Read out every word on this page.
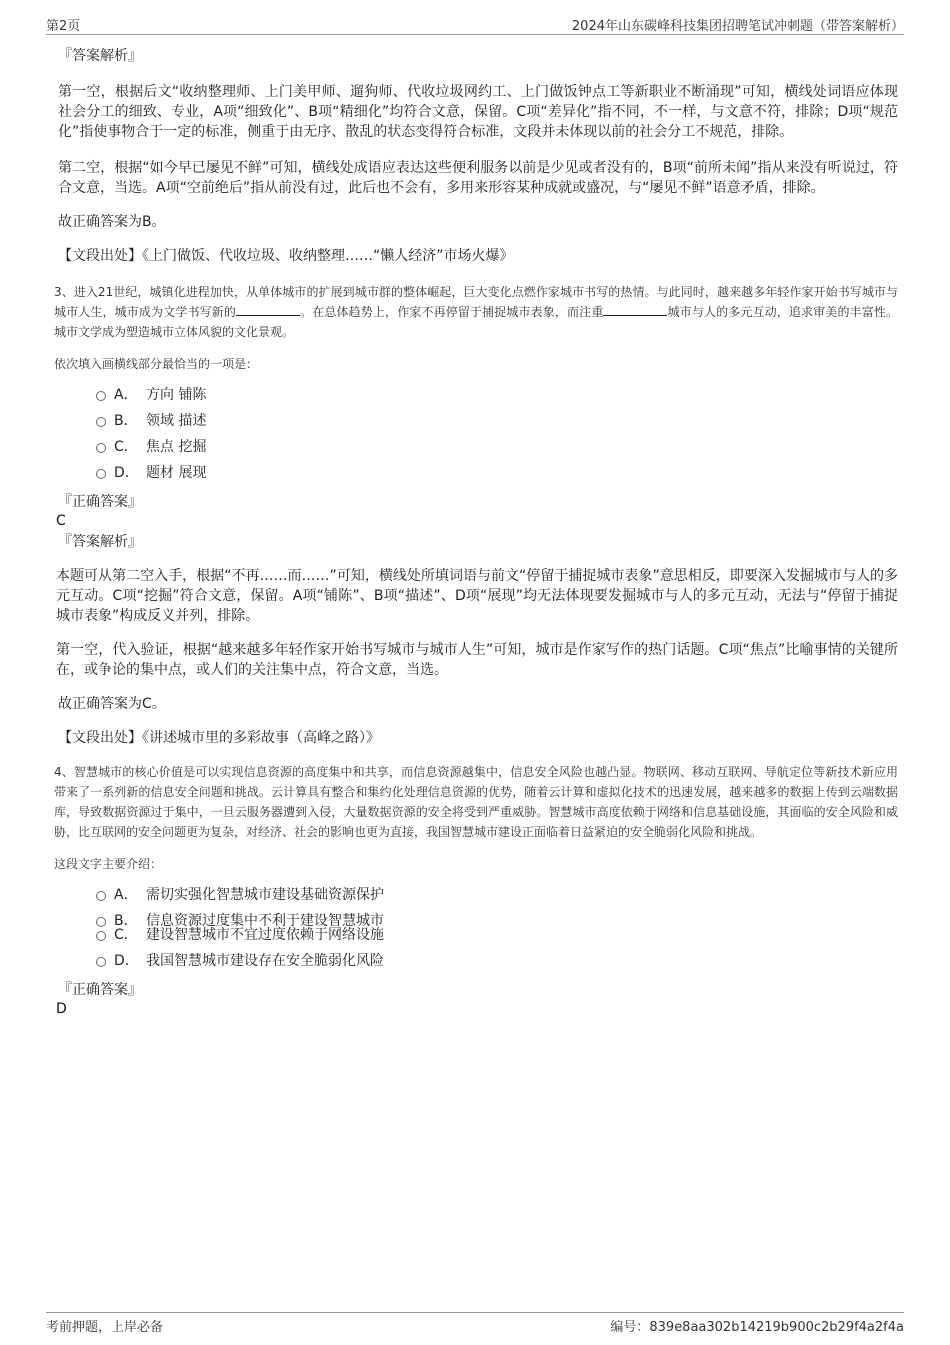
第2页	2024年山东碳峰科技集团招聘笔试冲刺题（带答案解析）

『答案解析』

第一空，根据后文“收纳整理师、上门美甲师、遛狗师、代收垃圾网约工、上门做饭钟点工等新职业不断涌现”可知，横线处词语应体现社会分工的细致、专业，A项“细致化”、B项“精细化”均符合文意，保留。C项“差异化”指不同，不一样，与文意不符，排除；D项“规范化”指使事物合于一定的标准，侧重于由无序、散乱的状态变得符合标准，文段并未体现以前的社会分工不规范，排除。

第二空，根据“如今早已屡见不鲜”可知，横线处成语应表达这些便利服务以前是少见或者没有的，B项“前所未闻”指从来没有听说过，符合文意，当选。A项“空前绝后”指从前没有过，此后也不会有，多用来形容某种成就或盛况，与“屡见不鲜”语意矛盾，排除。

故正确答案为B。

【文段出处】《上门做饭、代收垃圾、收纳整理……“懒人经济”市场火爆》

3、进入21世纪，城镇化进程加快，从单体城市的扩展到城市群的整体崛起，巨大变化点燃作家城市书写的热情。与此同时，越来越多年轻作家开始书写城市与城市人生，城市成为文学书写新的	。在总体趋势上，作家不再停留于捕捉城市表象，而注重	城市与人的多元互动，追求审美的丰富性。城市文学成为塑造城市立体风貌的文化景观。

依次填入画横线部分最恰当的一项是：

A． 方向 铺陈
B． 领域 描述
C． 焦点 挖掘
D． 题材 展现

『正确答案』

C

『答案解析』

本题可从第二空入手，根据“不再……而……”可知，横线处所填词语与前文“停留于捕捉城市表象”意思相反，即要深入发掘城市与人的多元互动。C项“挖掘”符合文意，保留。A项“铺陈”、B项“描述”、D项“展现”均无法体现要发掘城市与人的多元互动，无法与“停留于捕捉城市表象”构成反义并列，排除。

第一空，代入验证，根据“越来越多年轻作家开始书写城市与城市人生”可知，城市是作家写作的热门话题。C项“焦点”比喻事情的关键所在，或争论的集中点，或人们的关注集中点，符合文意，当选。

故正确答案为C。

【文段出处】《讲述城市里的多彩故事（高峰之路）》

4、智慧城市的核心价值是可以实现信息资源的高度集中和共享，而信息资源越集中，信息安全风险也越凸显。物联网、移动互联网、导航定位等新技术新应用带来了一系列新的信息安全问题和挑战。云计算具有整合和集约化处理信息资源的优势，随着云计算和虚拟化技术的迅速发展，越来越多的数据上传到云端数据库，导致数据资源过于集中，一旦云服务器遭到入侵，大量数据资源的安全将受到严重威胁。智慧城市高度依赖于网络和信息基础设施，其面临的安全风险和威胁，比互联网的安全问题更为复杂，对经济、社会的影响也更为直接，我国智慧城市建设正面临着日益紧迫的安全脆弱化风险和挑战。

这段文字主要介绍：

A． 需切实强化智慧城市建设基础资源保护
B． 信息资源过度集中不利于建设智慧城市
C． 建设智慧城市不宜过度依赖于网络设施
D． 我国智慧城市建设存在安全脆弱化风险

『正确答案』

D

考前押题，上岸必备	编号：839e8aa302b14219b900c2b29f4a2f4a
